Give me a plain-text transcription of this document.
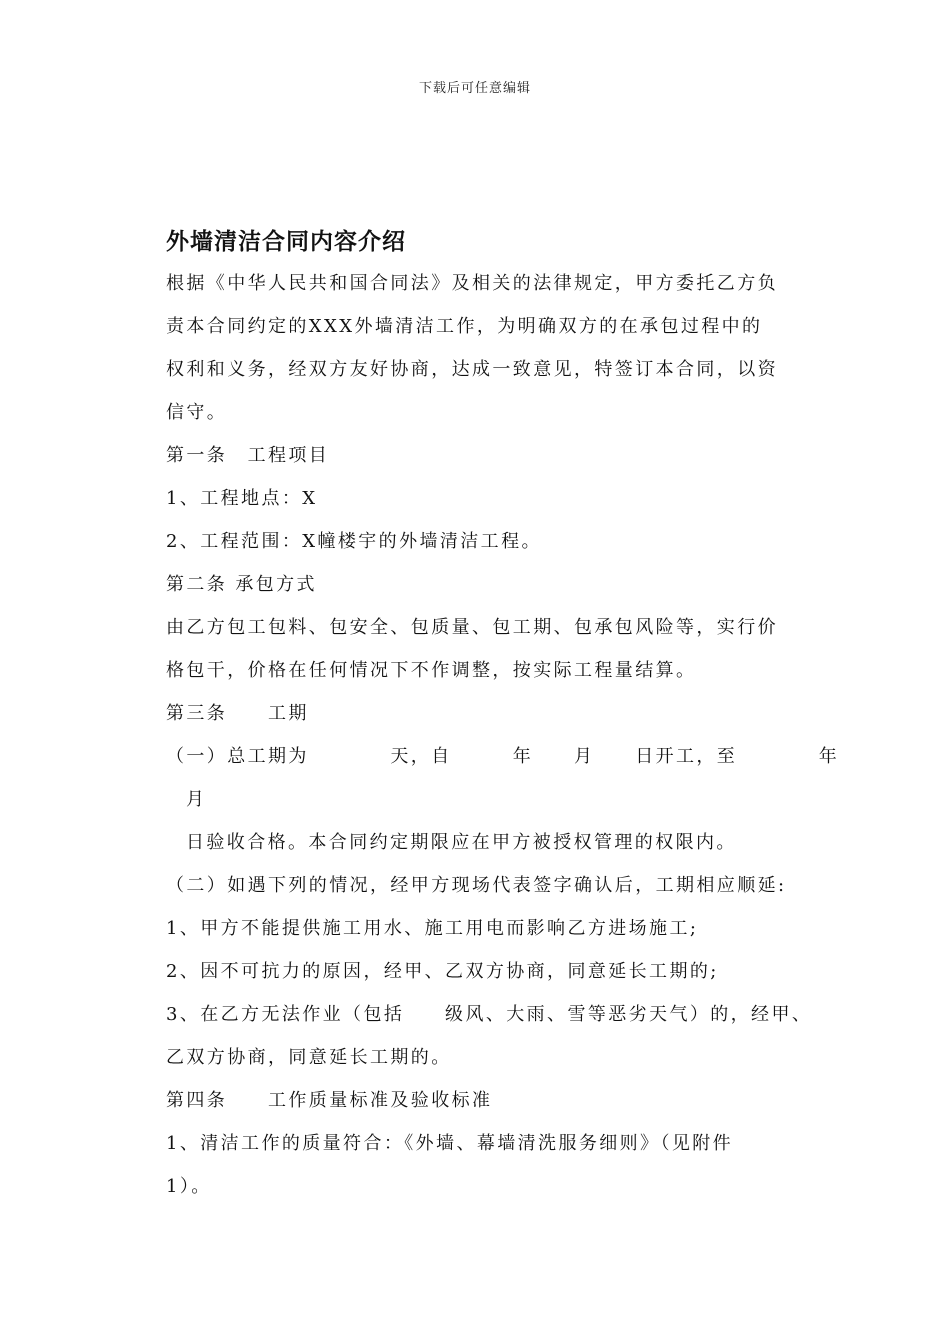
下载后可任意编辑
外墙清洁合同内容介绍
根据《中华人民共和国合同法》及相关的法律规定，甲方委托乙方负
责本合同约定的XXX外墙清洁工作，为明确双方的在承包过程中的
权利和义务，经双方友好协商，达成一致意见，特签订本合同，以资
信守。
第一条　工程项目
1、工程地点：X
2、工程范围：X幢楼宇的外墙清洁工程。
第二条 承包方式
由乙方包工包料、包安全、包质量、包工期、包承包风险等，实行价
格包干，价格在任何情况下不作调整，按实际工程量结算。
第三条　　工期
（一）总工期为　　　　天，自　　　年　　月　　日开工，至　　　　年
月
日验收合格。本合同约定期限应在甲方被授权管理的权限内。
（二）如遇下列的情况，经甲方现场代表签字确认后，工期相应顺延:
1、甲方不能提供施工用水、施工用电而影响乙方进场施工;
2、因不可抗力的原因，经甲、乙双方协商，同意延长工期的;
3、在乙方无法作业（包括　　级风、大雨、雪等恶劣天气）的，经甲、
乙双方协商，同意延长工期的。
第四条　　工作质量标准及验收标准
1、清洁工作的质量符合：《外墙、幕墙清洗服务细则》（见附件
1）。
